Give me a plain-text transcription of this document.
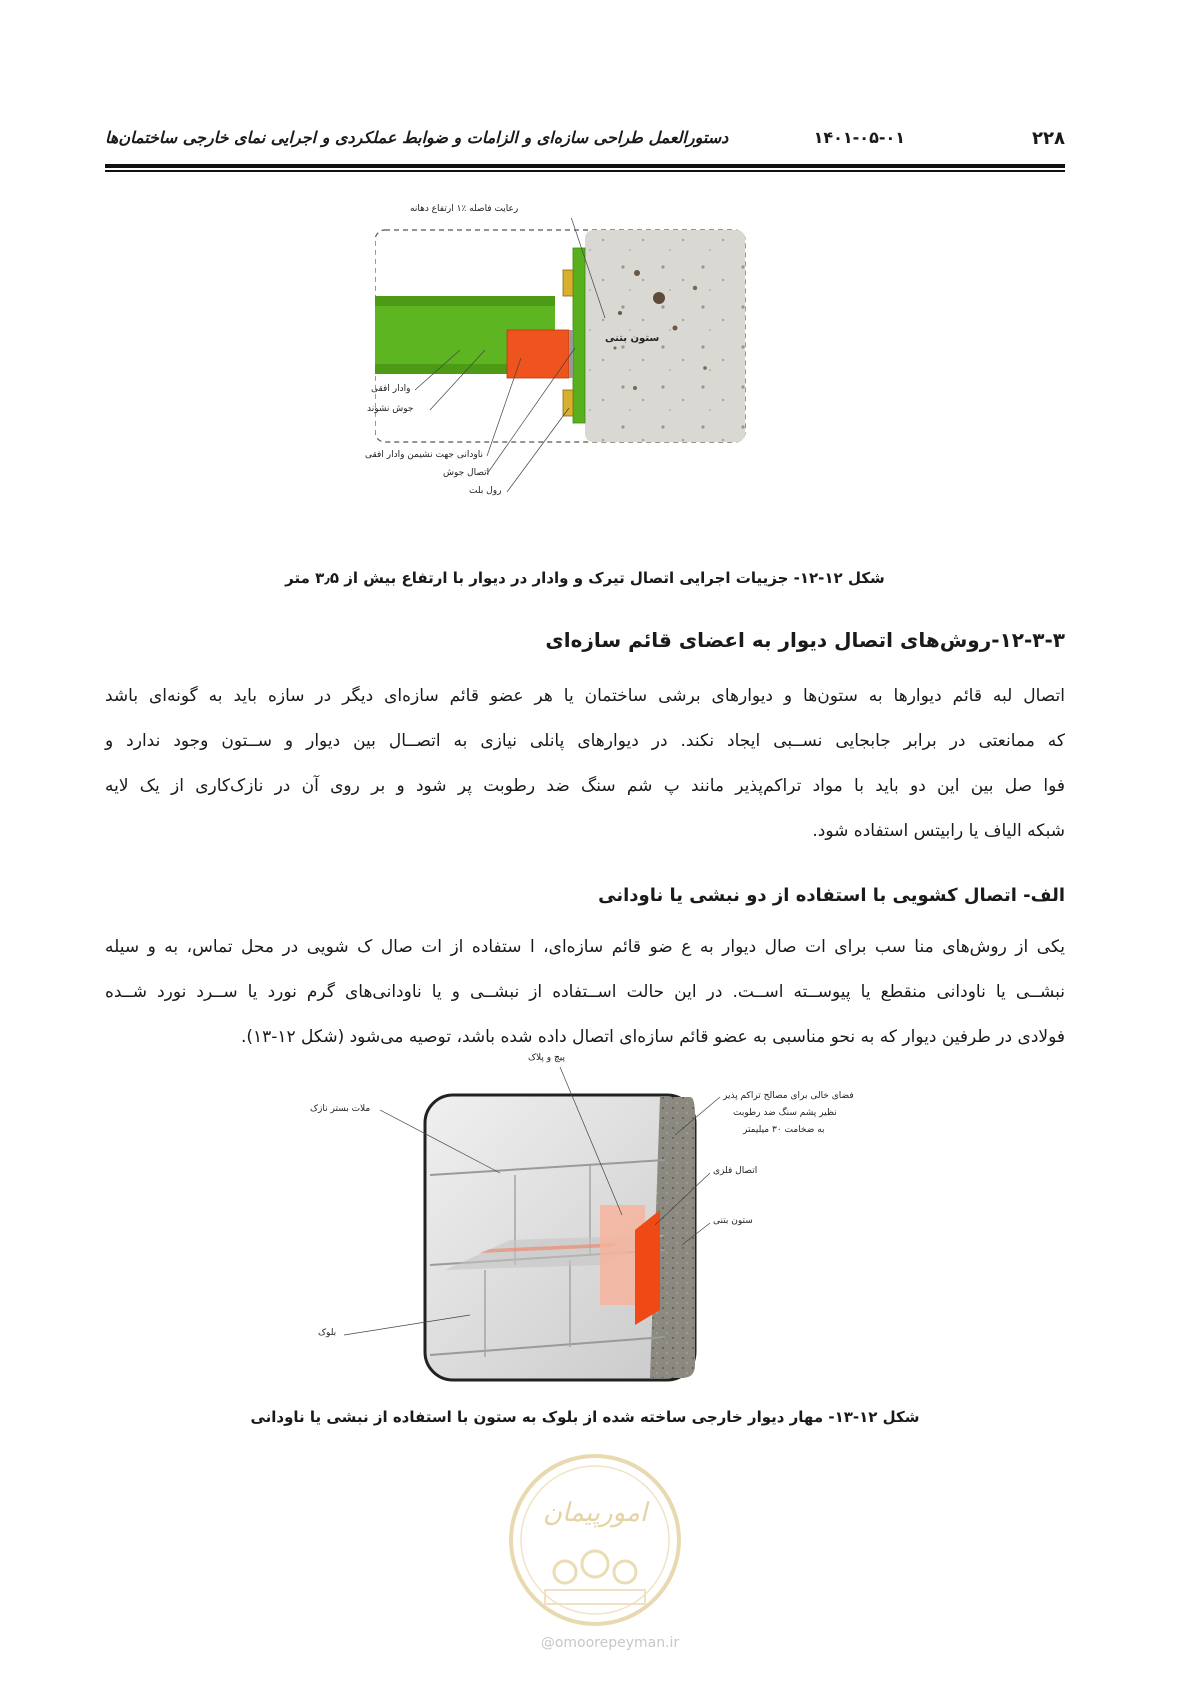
۲۲۸
۱۴۰۱-۰۵-۰۱
دستورالعمل طراحی سازه‌ای و الزامات و ضوابط عملکردی و اجرایی نمای خارجی ساختمان‌ها
رعایت فاصله ٪۱ ارتفاع دهانه
ستون بتنی
وادار افقی
جوش نشوند
ناودانی جهت نشیمن وادار افقی
اتصال جوش
رول بلت
شکل ۱۲-۱۲- جزییات اجرایی اتصال تیرک و وادار در دیوار با ارتفاع بیش از ۳٫۵ متر
۱۲-۳-۳-روش‌های اتصال دیوار به اعضای قائم سازه‌ای

اتصال لبه قائم دیوارها به ستون‌ها و دیوارهای برشی ساختمان یا هر عضو قائم سازه‌ای دیگر در سازه باید به گونه‌ای باشد

که ممانعتی در برابر جابجایی نســبی ایجاد نکند. در دیوارهای پانلی نیازی به اتصــال بین دیوار و ســتون وجود ندارد و

فوا صل بین این دو باید با مواد تراکم‌پذیر مانند پ شم سنگ ضد رطوبت پر شود و بر روی آن در نازک‌کاری از یک لایه

شبکه الیاف یا رابیتس استفاده شود.

الف- اتصال کشویی با استفاده از دو نبشی یا ناودانی

یکی از روش‌های منا سب برای ات صال دیوار به ع ضو قائم سازه‌ای، ا ستفاده از ات صال ک شویی در محل تماس، به و سیله

نبشــی یا ناودانی منقطع یا پیوســته اســت. در این حالت اســتفاده از نبشــی و یا ناودانی‌های گرم نورد یا ســرد نورد شــده

فولادی در طرفین دیوار که به نحو مناسبی به عضو قائم سازه‌ای اتصال داده شده باشد، توصیه می‌شود (شکل ۱۲-۱۳).

پیچ و پلاک
ملات بستر نازک
فضای خالی برای مصالح تراکم پذیر
نظیر پشم سنگ ضد رطوبت
به ضخامت ۳۰ میلیمتر
اتصال فلزی
ستون بتنی
بلوک
شکل ۱۲-۱۳- مهار دیوار خارجی ساخته شده از بلوک به ستون با استفاده از نبشی یا ناودانی
امورپیمان
@omoorepeyman.ir
